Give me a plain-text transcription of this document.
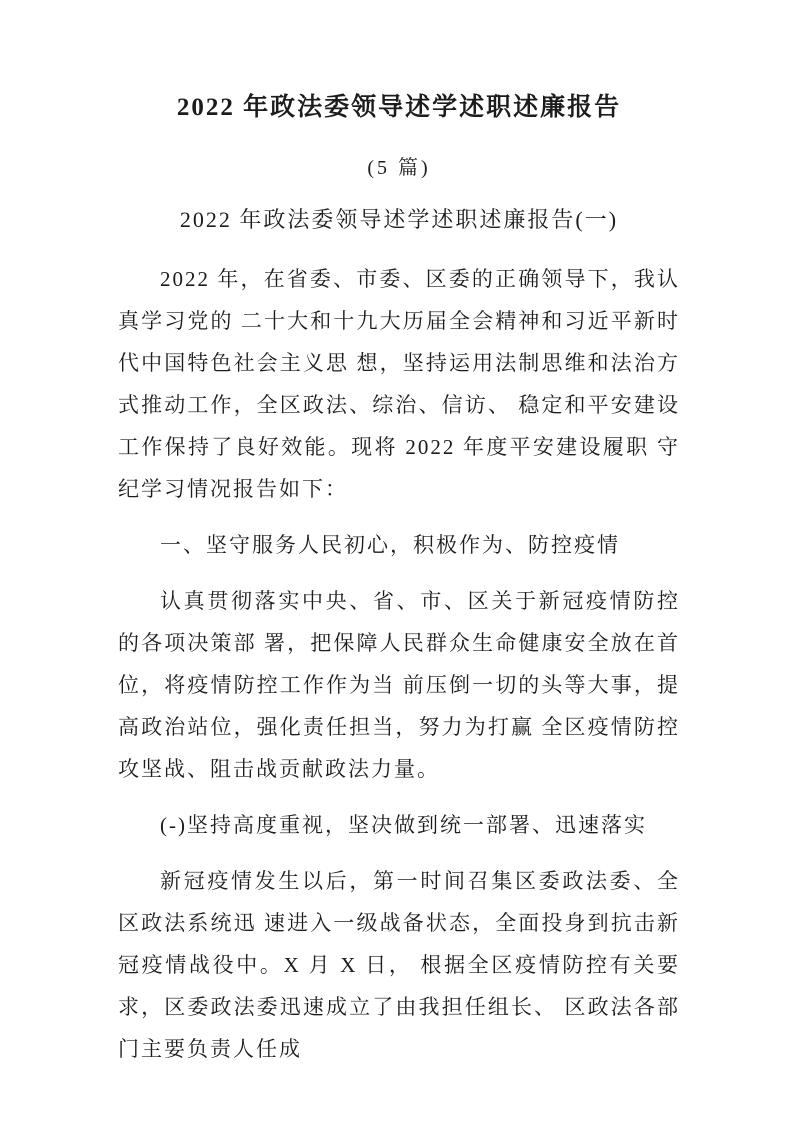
2022 年政法委领导述学述职述廉报告
(5 篇)
2022 年政法委领导述学述职述廉报告(一)

2022 年，在省委、市委、区委的正确领导下，我认真学习党的 二十大和十九大历届全会精神和习近平新时代中国特色社会主义思 想，坚持运用法制思维和法治方式推动工作，全区政法、综治、信访、 稳定和平安建设工作保持了良好效能。现将 2022 年度平安建设履职 守纪学习情况报告如下：

一、坚守服务人民初心，积极作为、防控疫情

认真贯彻落实中央、省、市、区关于新冠疫情防控的各项决策部 署，把保障人民群众生命健康安全放在首位，将疫情防控工作作为当 前压倒一切的头等大事，提高政治站位，强化责任担当，努力为打赢 全区疫情防控攻坚战、阻击战贡献政法力量。

(-)坚持高度重视，坚决做到统一部署、迅速落实

新冠疫情发生以后，第一时间召集区委政法委、全区政法系统迅 速进入一级战备状态，全面投身到抗击新冠疫情战役中。X 月 X 日， 根据全区疫情防控有关要求，区委政法委迅速成立了由我担任组长、 区政法各部门主要负责人任成
